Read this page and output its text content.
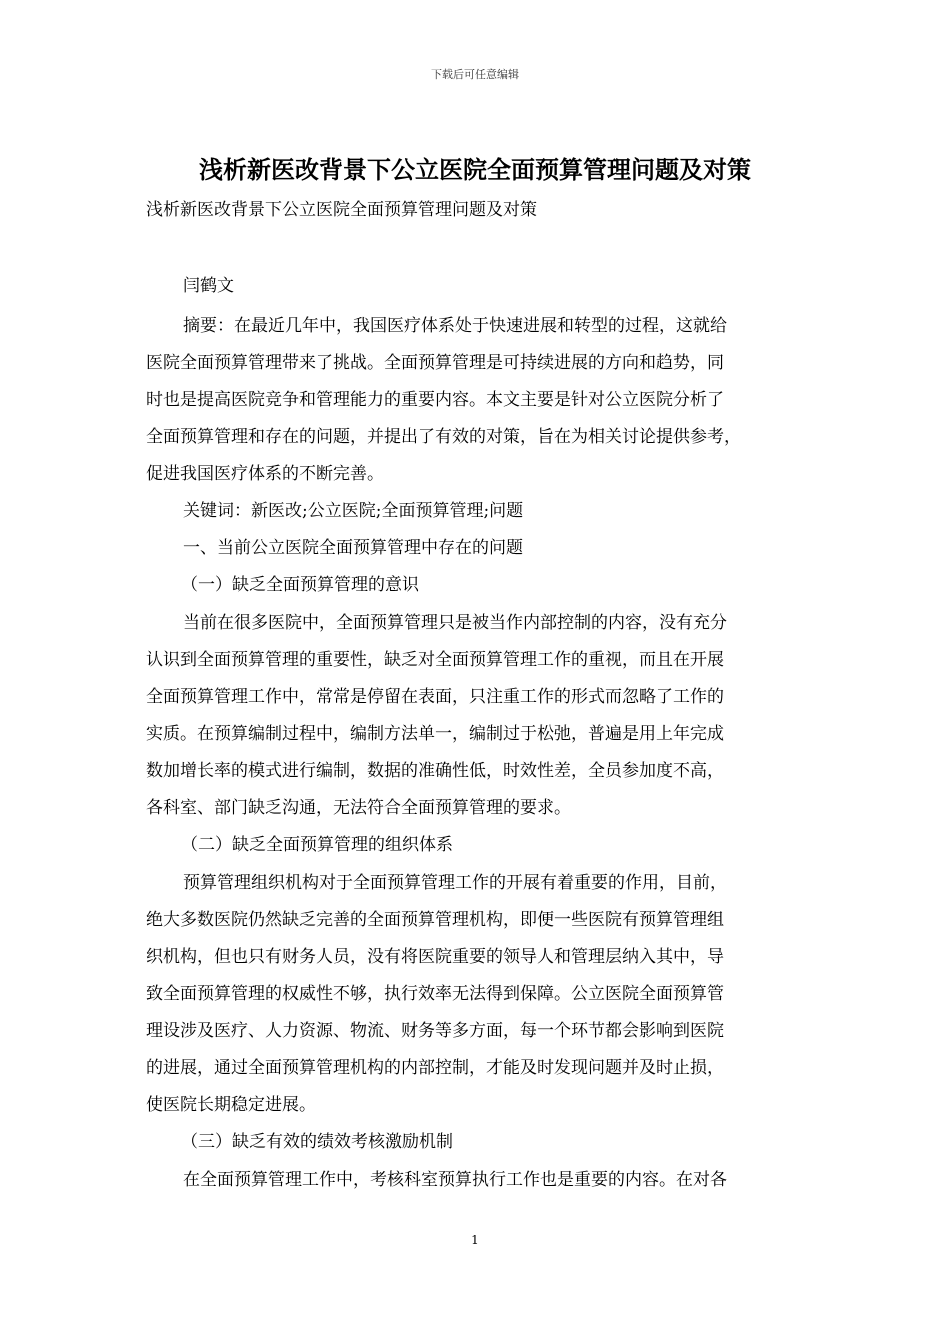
下载后可任意编辑
浅析新医改背景下公立医院全面预算管理问题及对策
浅析新医改背景下公立医院全面预算管理问题及对策
闫鹤文
摘要：在最近几年中，我国医疗体系处于快速进展和转型的过程，这就给
医院全面预算管理带来了挑战。全面预算管理是可持续进展的方向和趋势，同
时也是提高医院竞争和管理能力的重要内容。本文主要是针对公立医院分析了
全面预算管理和存在的问题，并提出了有效的对策，旨在为相关讨论提供参考，
促进我国医疗体系的不断完善。
关键词：新医改;公立医院;全面预算管理;问题
一、当前公立医院全面预算管理中存在的问题
（一）缺乏全面预算管理的意识
当前在很多医院中，全面预算管理只是被当作内部控制的内容，没有充分
认识到全面预算管理的重要性，缺乏对全面预算管理工作的重视，而且在开展
全面预算管理工作中，常常是停留在表面，只注重工作的形式而忽略了工作的
实质。在预算编制过程中，编制方法单一，编制过于松弛，普遍是用上年完成
数加增长率的模式进行编制，数据的准确性低，时效性差，全员参加度不高，
各科室、部门缺乏沟通，无法符合全面预算管理的要求。
（二）缺乏全面预算管理的组织体系
预算管理组织机构对于全面预算管理工作的开展有着重要的作用，目前，
绝大多数医院仍然缺乏完善的全面预算管理机构，即便一些医院有预算管理组
织机构，但也只有财务人员，没有将医院重要的领导人和管理层纳入其中，导
致全面预算管理的权威性不够，执行效率无法得到保障。公立医院全面预算管
理设涉及医疗、人力资源、物流、财务等多方面，每一个环节都会影响到医院
的进展，通过全面预算管理机构的内部控制，才能及时发现问题并及时止损，
使医院长期稳定进展。
（三）缺乏有效的绩效考核激励机制
在全面预算管理工作中，考核科室预算执行工作也是重要的内容。在对各
1
